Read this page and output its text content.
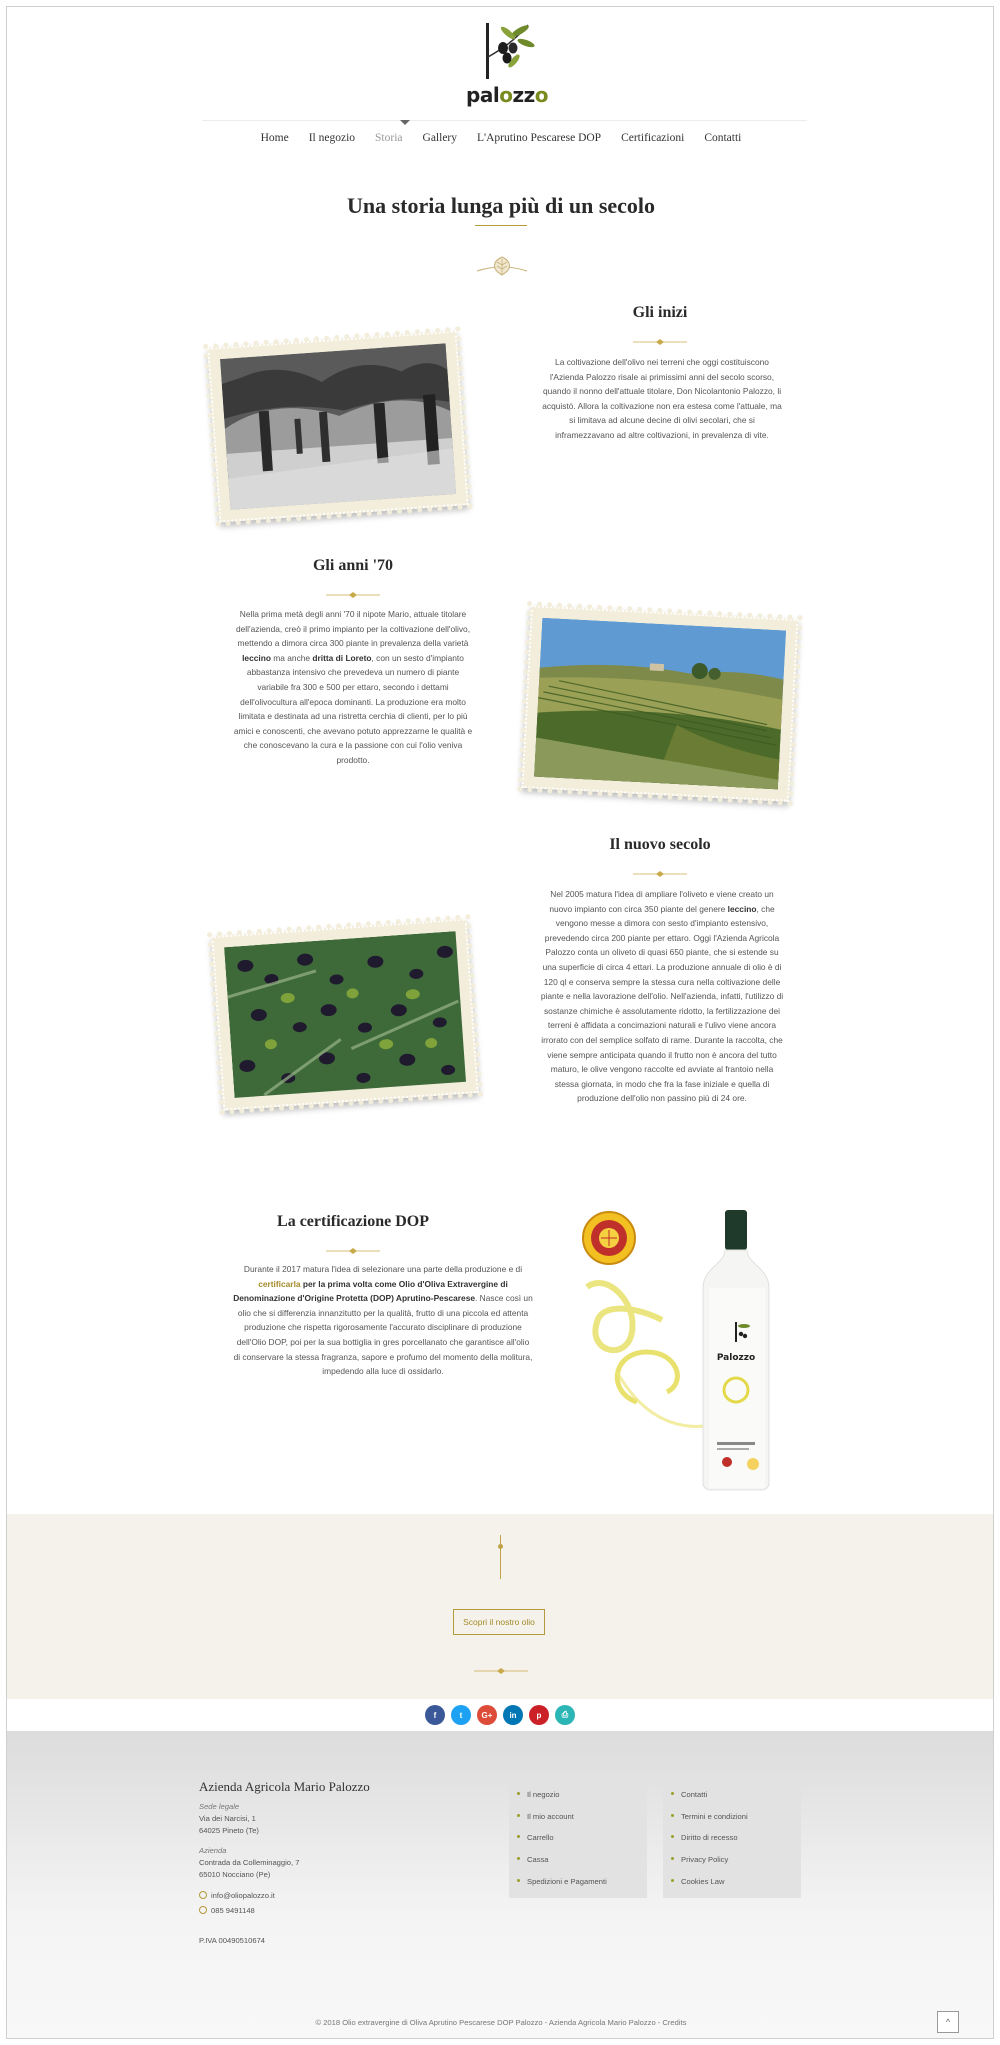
palozzo
Home	Il negozio	Storia	Gallery	L'Aprutino Pescarese DOP	Certificazioni	Contatti
Una storia lunga più di un secolo
Gli inizi

La coltivazione dell'olivo nei terreni che oggi costituiscono l'Azienda Palozzo risale ai primissimi anni del secolo scorso, quando il nonno dell'attuale titolare, Don Nicolantonio Palozzo, li acquistò. Allora la coltivazione non era estesa come l'attuale, ma si limitava ad alcune decine di olivi secolari, che si inframezzavano ad altre coltivazioni, in prevalenza di vite.

Gli anni '70

Nella prima metà degli anni '70 il nipote Mario, attuale titolare dell'azienda, creò il primo impianto per la coltivazione dell'olivo, mettendo a dimora circa 300 piante in prevalenza della varietà leccino ma anche dritta di Loreto, con un sesto d'impianto abbastanza intensivo che prevedeva un numero di piante variabile fra 300 e 500 per ettaro, secondo i dettami dell'olivocultura all'epoca dominanti. La produzione era molto limitata e destinata ad una ristretta cerchia di clienti, per lo più amici e conoscenti, che avevano potuto apprezzarne le qualità e che conoscevano la cura e la passione con cui l'olio veniva prodotto.

Il nuovo secolo

Nel 2005 matura l'idea di ampliare l'oliveto e viene creato un nuovo impianto con circa 350 piante del genere leccino, che vengono messe a dimora con sesto d'impianto estensivo, prevedendo circa 200 piante per ettaro. Oggi l'Azienda Agricola Palozzo conta un oliveto di quasi 650 piante, che si estende su una superficie di circa 4 ettari. La produzione annuale di olio è di 120 ql e conserva sempre la stessa cura nella coltivazione delle piante e nella lavorazione dell'olio. Nell'azienda, infatti, l'utilizzo di sostanze chimiche è assolutamente ridotto, la fertilizzazione dei terreni è affidata a concimazioni naturali e l'ulivo viene ancora irrorato con del semplice solfato di rame. Durante la raccolta, che viene sempre anticipata quando il frutto non è ancora del tutto maturo, le olive vengono raccolte ed avviate al frantoio nella stessa giornata, in modo che fra la fase iniziale e quella di produzione dell'olio non passino più di 24 ore.

La certificazione DOP

Durante il 2017 matura l'idea di selezionare una parte della produzione e di certificarla per la prima volta come Olio d'Oliva Extravergine di Denominazione d'Origine Protetta (DOP) Aprutino-Pescarese. Nasce così un olio che si differenzia innanzitutto per la qualità, frutto di una piccola ed attenta produzione che rispetta rigorosamente l'accurato disciplinare di produzione dell'Olio DOP, poi per la sua bottiglia in gres porcellanato che garantisce all'olio di conservare la stessa fragranza, sapore e profumo del momento della molitura, impedendo alla luce di ossidarlo.

Palozzo
Scopri il nostro olio
f	t	G+	in	p	⎙
Azienda Agricola Mario Palozzo
Sede legale
Via dei Narcisi, 1
64025 Pineto (Te)
Azienda
Contrada da Colleminaggio, 7
65010 Nocciano (Pe)
info@oliopalozzo.it
085 9491148
P.IVA 00490510674
Il negozio
Il mio account
Carrello
Cassa
Spedizioni e Pagamenti
Contatti
Termini e condizioni
Diritto di recesso
Privacy Policy
Cookies Law
© 2018 Olio extravergine di Oliva Aprutino Pescarese DOP Palozzo - Azienda Agricola Mario Palozzo - Credits	^
